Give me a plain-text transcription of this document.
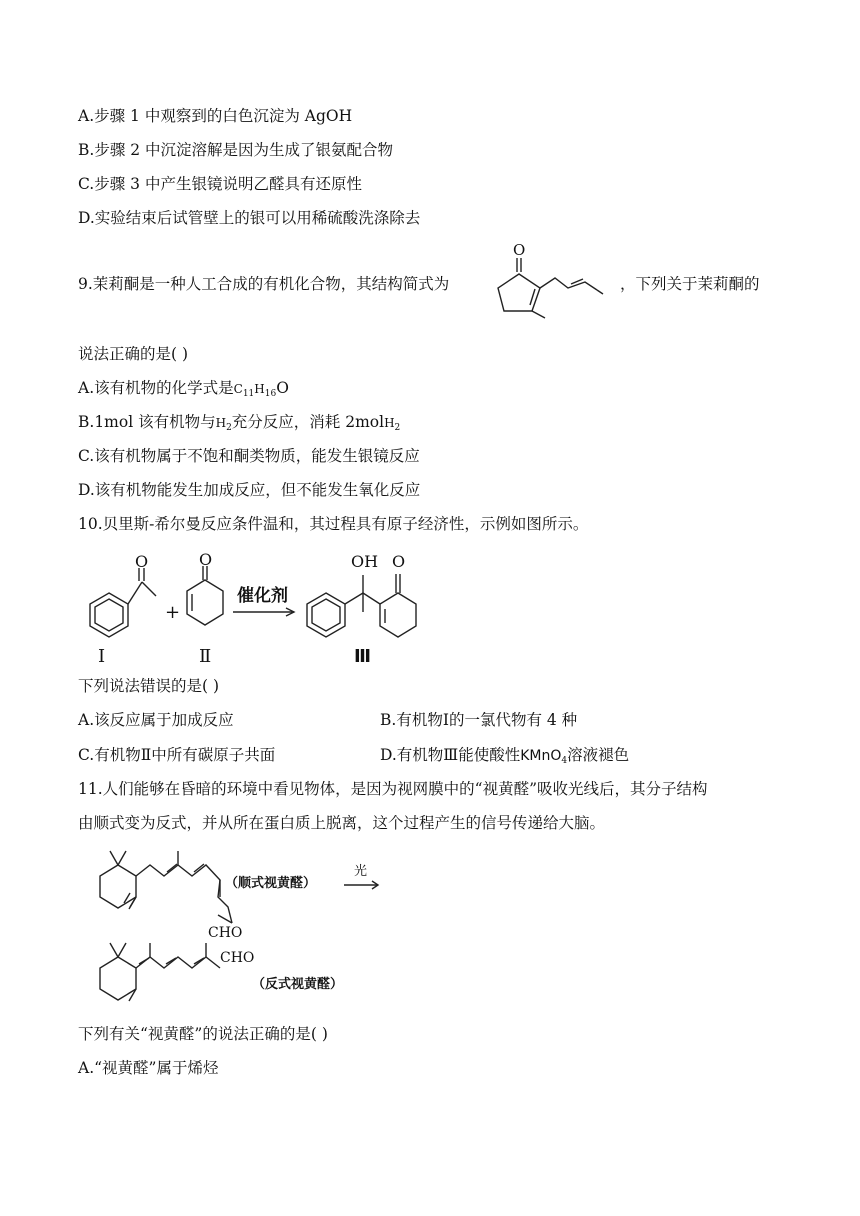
A.步骤 1 中观察到的白色沉淀为 AgOH
B.步骤 2 中沉淀溶解是因为生成了银氨配合物
C.步骤 3 中产生银镜说明乙醛具有还原性
D.实验结束后试管壁上的银可以用稀硫酸洗涤除去
9.茉莉酮是一种人工合成的有机化合物，其结构简式为
O
，下列关于茉莉酮的
说法正确的是( )
A.该有机物的化学式是$C_{11}H_{16}O$
B.1mol 该有机物与$H_2$充分反应，消耗 2molH$_2$
C.该有机物属于不饱和酮类物质，能发生银镜反应
D.该有机物能发生加成反应，但不能发生氧化反应
10.贝里斯-希尔曼反应条件温和，其过程具有原子经济性，示例如图所示。
O
Ⅰ
+
O
Ⅱ
催化剂
OH O
Ⅲ
下列说法错误的是( )
A.该反应属于加成反应	B.有机物Ⅰ的一氯代物有 4 种
C.有机物Ⅱ中所有碳原子共面	D.有机物Ⅲ能使酸性KMnO$_4$溶液褪色
11.人们能够在昏暗的环境中看见物体，是因为视网膜中的“视黄醛”吸收光线后，其分子结构
由顺式变为反式，并从所在蛋白质上脱离，这个过程产生的信号传递给大脑。
CHO
（顺式视黄醛）
光
CHO
（反式视黄醛）
下列有关“视黄醛”的说法正确的是( )
A.“视黄醛”属于烯烃
